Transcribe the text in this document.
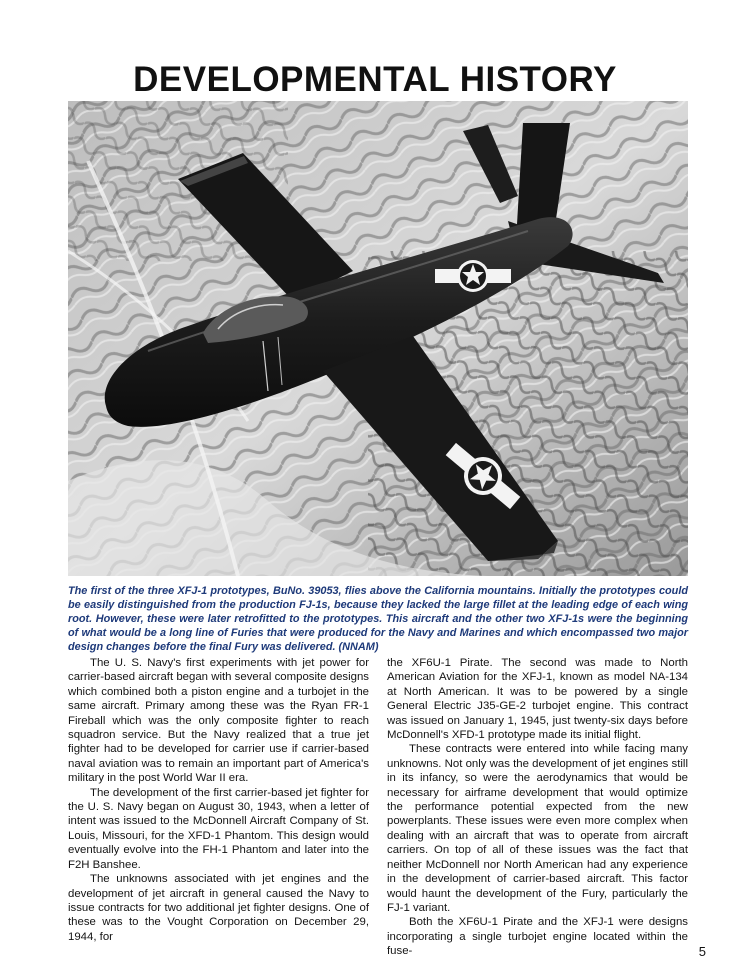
DEVELOPMENTAL HISTORY
The first of the three XFJ-1 prototypes, BuNo. 39053, flies above the California mountains. Initially the prototypes could be easily distinguished from the production FJ-1s, because they lacked the large fillet at the leading edge of each wing root. However, these were later retrofitted to the prototypes. This aircraft and the other two XFJ-1s were the beginning of what would be a long line of Furies that were produced for the Navy and Marines and which encompassed two major design changes before the final Fury was delivered. (NNAM)

The U. S. Navy's first experiments with jet power for carrier-based aircraft began with several composite designs which combined both a piston engine and a turbojet in the same aircraft. Primary among these was the Ryan FR-1 Fireball which was the only composite fighter to reach squadron service. But the Navy realized that a true jet fighter had to be developed for carrier use if carrier-based naval aviation was to remain an important part of America's military in the post World War II era.

The development of the first carrier-based jet fighter for the U. S. Navy began on August 30, 1943, when a letter of intent was issued to the McDonnell Aircraft Company of St. Louis, Missouri, for the XFD-1 Phantom. This design would eventually evolve into the FH-1 Phantom and later into the F2H Banshee.

The unknowns associated with jet engines and the development of jet aircraft in general caused the Navy to issue contracts for two additional jet fighter designs. One of these was to the Vought Corporation on December 29, 1944, for

the XF6U-1 Pirate. The second was made to North American Aviation for the XFJ-1, known as model NA-134 at North American. It was to be powered by a single General Electric J35-GE-2 turbojet engine. This contract was issued on January 1, 1945, just twenty-six days before McDonnell's XFD-1 prototype made its initial flight.

These contracts were entered into while facing many unknowns. Not only was the development of jet engines still in its infancy, so were the aerodynamics that would be necessary for airframe development that would optimize the performance potential expected from the new powerplants. These issues were even more complex when dealing with an aircraft that was to operate from aircraft carriers. On top of all of these issues was the fact that neither McDonnell nor North American had any experience in the development of carrier-based aircraft. This factor would haunt the development of the Fury, particularly the FJ-1 variant.

Both the XF6U-1 Pirate and the XFJ-1 were designs incorporating a single turbojet engine located within the fuse-	5
